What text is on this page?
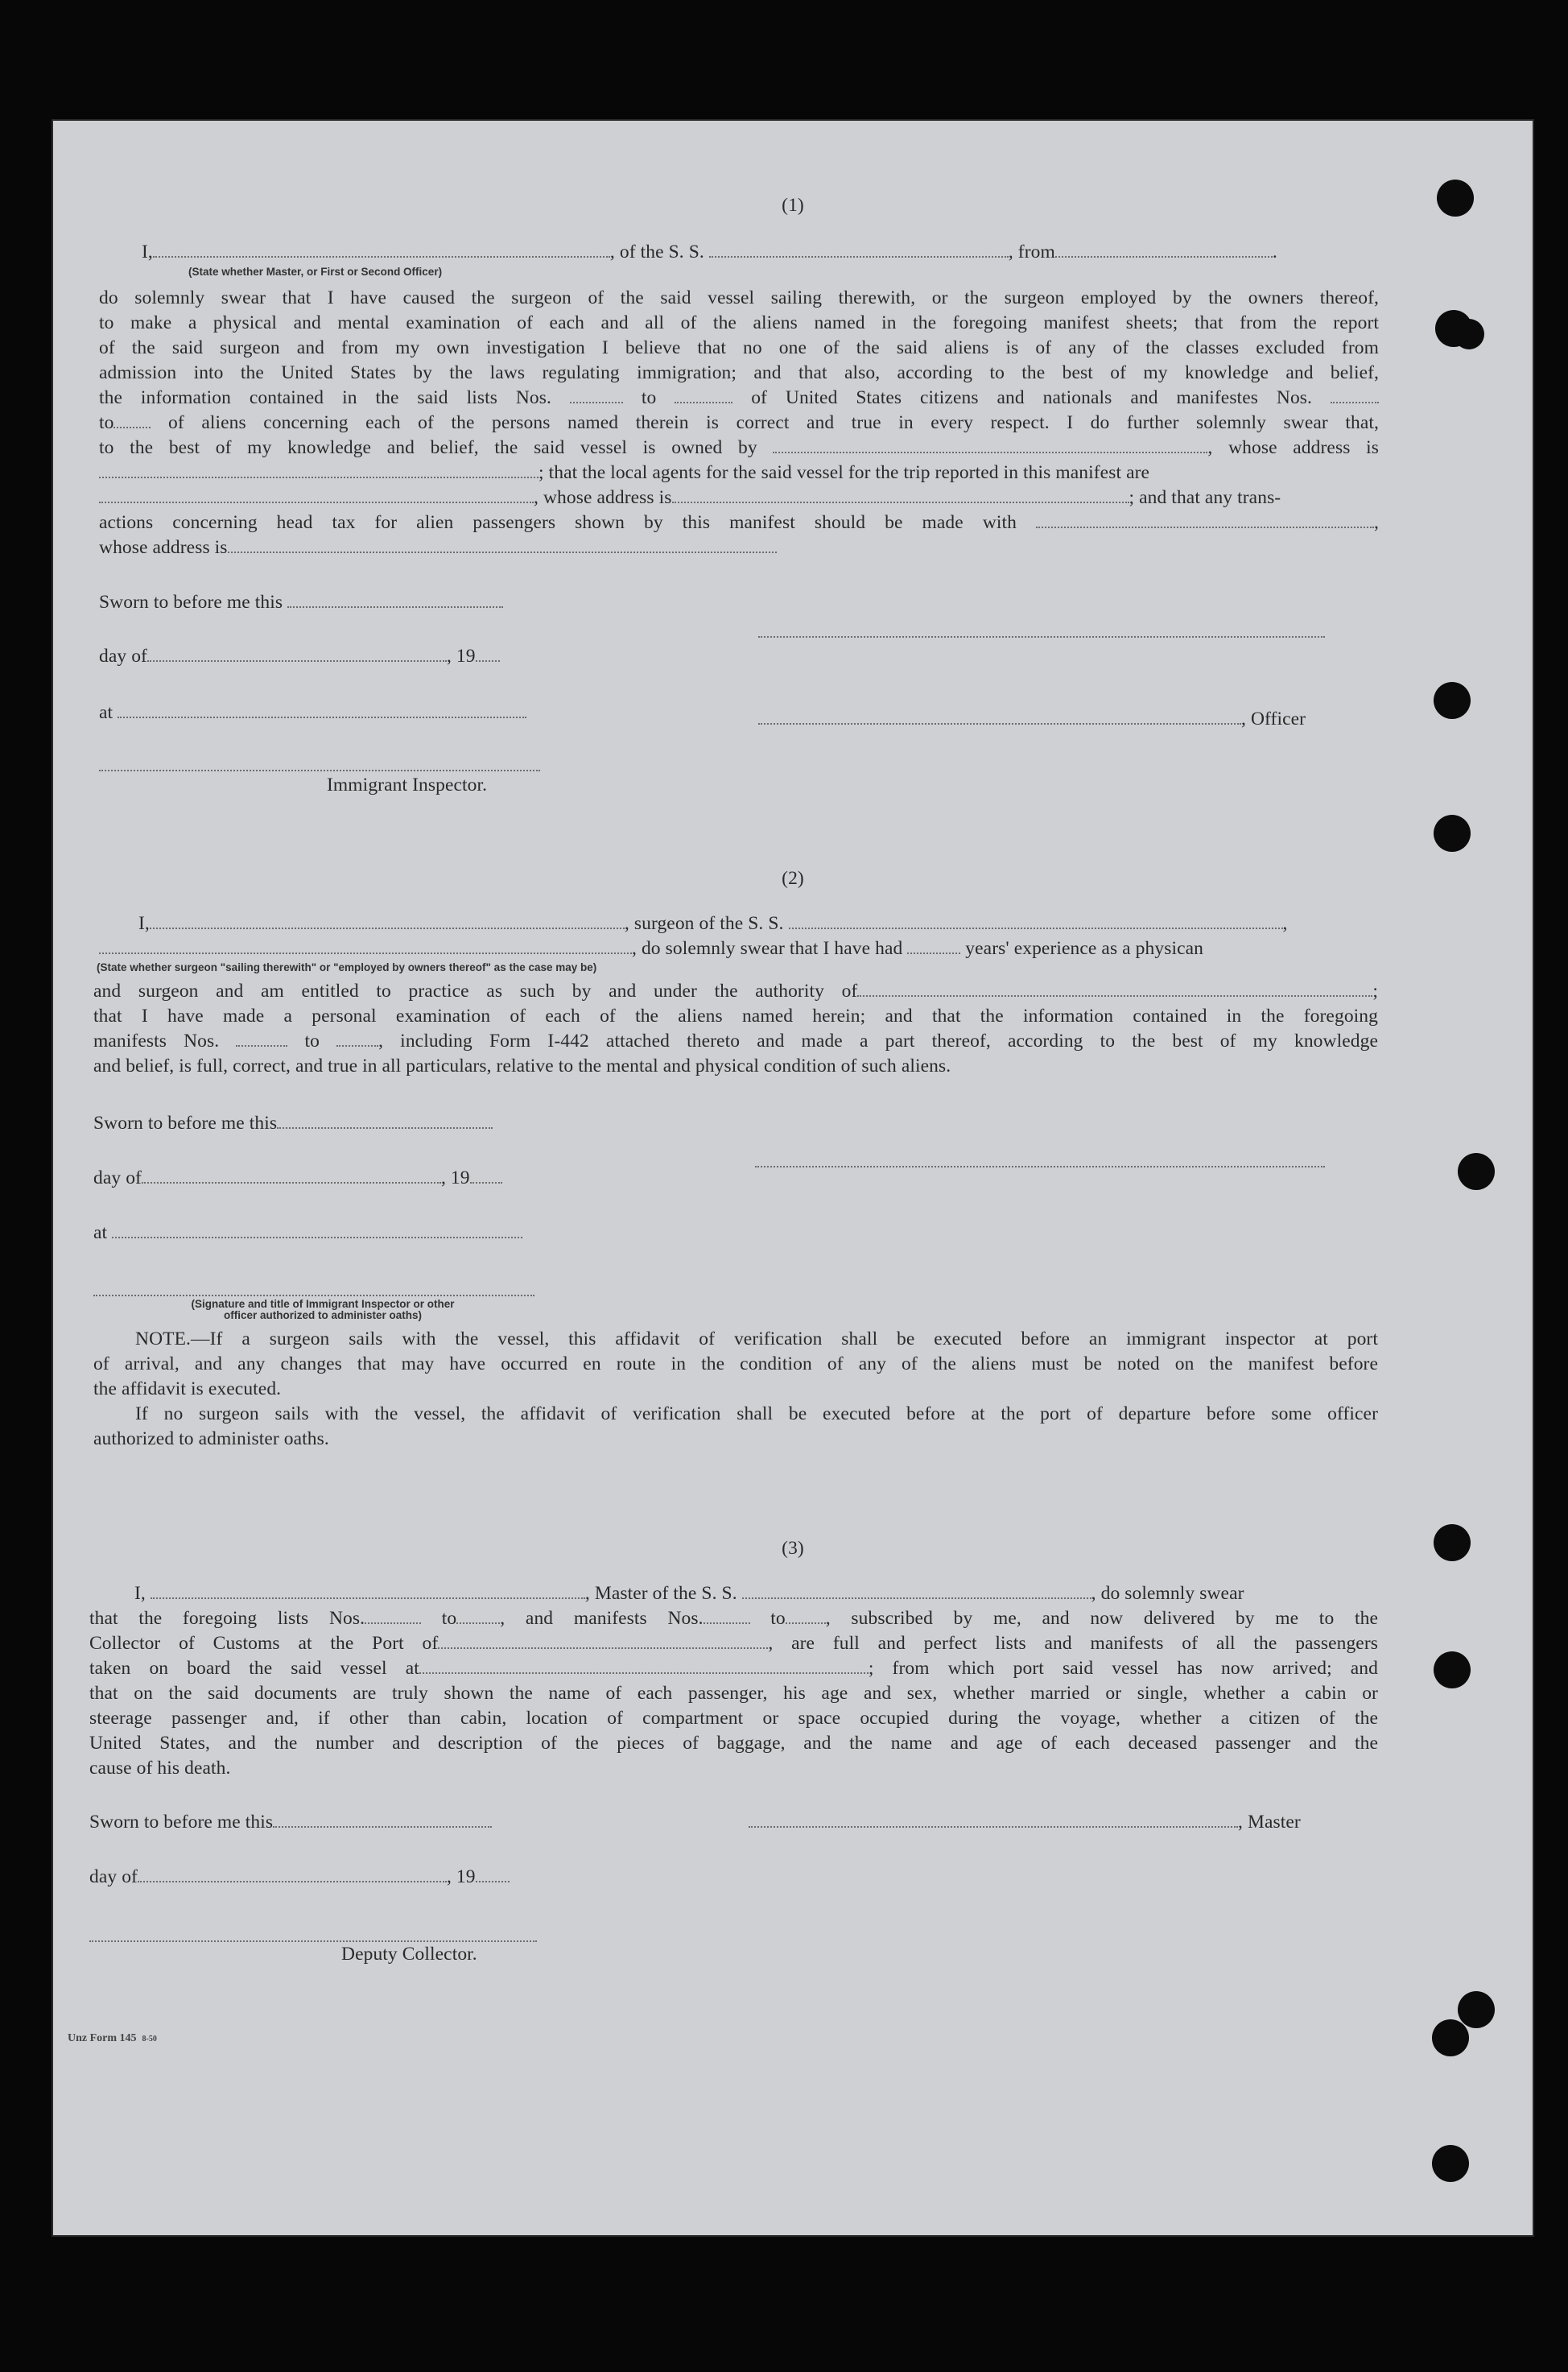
(1)
I,	, of the S. S.	, from	.
(State whether Master, or First or Second Officer)
do solemnly swear that I have caused the surgeon of the said vessel sailing therewith, or the surgeon employed by the owners thereof,
to make a physical and mental examination of each and all of the aliens named in the foregoing manifest sheets; that from the report
of the said surgeon and from my own investigation I believe that no one of the said aliens is of any of the classes excluded from
admission into the United States by the laws regulating immigration; and that also, according to the best of my knowledge and belief,
the information contained in the said lists Nos.	to	of United States citizens and nationals and manifestes Nos.
to	of aliens concerning each of the persons named therein is correct and true in every respect. I do further solemnly swear that,
to the best of my knowledge and belief, the said vessel is owned by	, whose address is
; that the local agents for the said vessel for the trip reported in this manifest are
, whose address is	; and that any trans-
actions concerning head tax for alien passengers shown by this manifest should be made with	,
whose address is
Sworn to before me this
day of	, 19
at	, Officer
Immigrant Inspector.
(2)
I,	, surgeon of the S. S.	,
, do solemnly swear that I have had	years' experience as a physican
(State whether surgeon "sailing therewith" or "employed by owners thereof" as the case may be)
and surgeon and am entitled to practice as such by and under the authority of	;
that I have made a personal examination of each of the aliens named herein; and that the information contained in the foregoing
manifests Nos.	to	, including Form I-442 attached thereto and made a part thereof, according to the best of my knowledge
and belief, is full, correct, and true in all particulars, relative to the mental and physical condition of such aliens.
Sworn to before me this
day of	, 19
at
(Signature and title of Immigrant Inspector or other
officer authorized to administer oaths)
NOTE.—If a surgeon sails with the vessel, this affidavit of verification shall be executed before an immigrant inspector at port
of arrival, and any changes that may have occurred en route in the condition of any of the aliens must be noted on the manifest before
the affidavit is executed.
If no surgeon sails with the vessel, the affidavit of verification shall be executed before at the port of departure before some officer
authorized to administer oaths.
(3)
I,	, Master of the S. S.	, do solemnly swear
that the foregoing lists Nos.	to , and manifests Nos.	to , subscribed by me, and now delivered by me to the
Collector of Customs at the Port of	, are full and perfect lists and manifests of all the passengers
taken on board the said vessel at	; from which port said vessel has now arrived; and
that on the said documents are truly shown the name of each passenger, his age and sex, whether married or single, whether a cabin or
steerage passenger and, if other than cabin, location of compartment or space occupied during the voyage, whether a citizen of the
United States, and the number and description of the pieces of baggage, and the name and age of each deceased passenger and the
cause of his death.
Sworn to before me this	, Master
day of	, 19
Deputy Collector.
Unz Form 145 8-50
